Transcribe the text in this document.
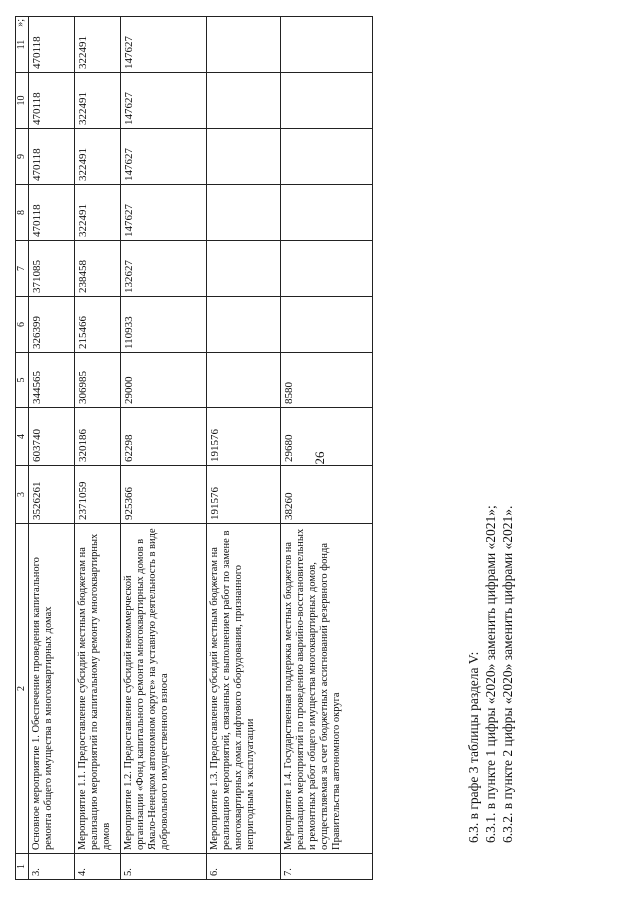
26
1	2	3	4	5	6	7	8	9	10	11
3.	Основное мероприятие 1. Обеспечение проведения капитального ремонта общего имущества в многоквартирных домах	3526261	603740	344565	326399	371085	470118	470118	470118	470118
4.	Мероприятие 1.1. Предоставление субсидий местным бюджетам на реализацию мероприятий по капитальному ремонту многоквартирных домов	2371059	320186	306985	215466	238458	322491	322491	322491	322491
5.	Мероприятие 1.2. Предоставление субсидий некоммерческой организации «Фонд капитального ремонта многоквартирных домов в Ямало-Ненецком автономном округе» на уставную деятельность в виде добровольного имущественного взноса	925366	62298	29000	110933	132627	147627	147627	147627	147627
6.	Мероприятие 1.3. Предоставление субсидий местным бюджетам на реализацию мероприятий, связанных с выполнением работ по замене в многоквартирных домах лифтового оборудования, признанного непригодным к эксплуатации	191576	191576							
7.	Мероприятие 1.4. Государственная поддержка местных бюджетов на реализацию мероприятий по проведению аварийно-восстановительных и ремонтных работ общего имущества многоквартирных домов, осуществляемая за счет бюджетных ассигнований резервного фонда Правительства автономного округа	38260	29680	8580						
6.3. в графе 3 таблицы раздела V: 6.3.1. в пункте 1 цифры «2020» заменить цифрами «2021»; 6.3.2. в пункте 2 цифры «2020» заменить цифрами «2021».
»;
